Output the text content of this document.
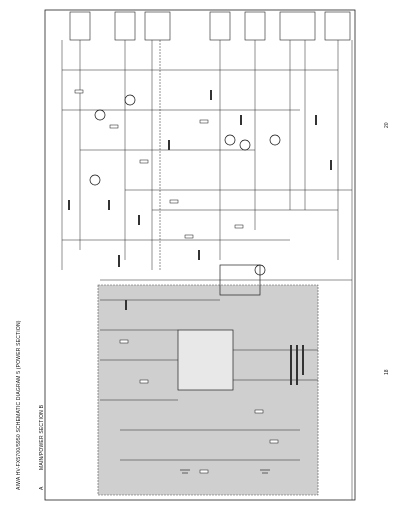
AIWA HV-FX5700/5950 SCHEMATIC DIAGRAM 5 (POWER SECTION)	MAIN/POWER SECTION B
A
18
20
